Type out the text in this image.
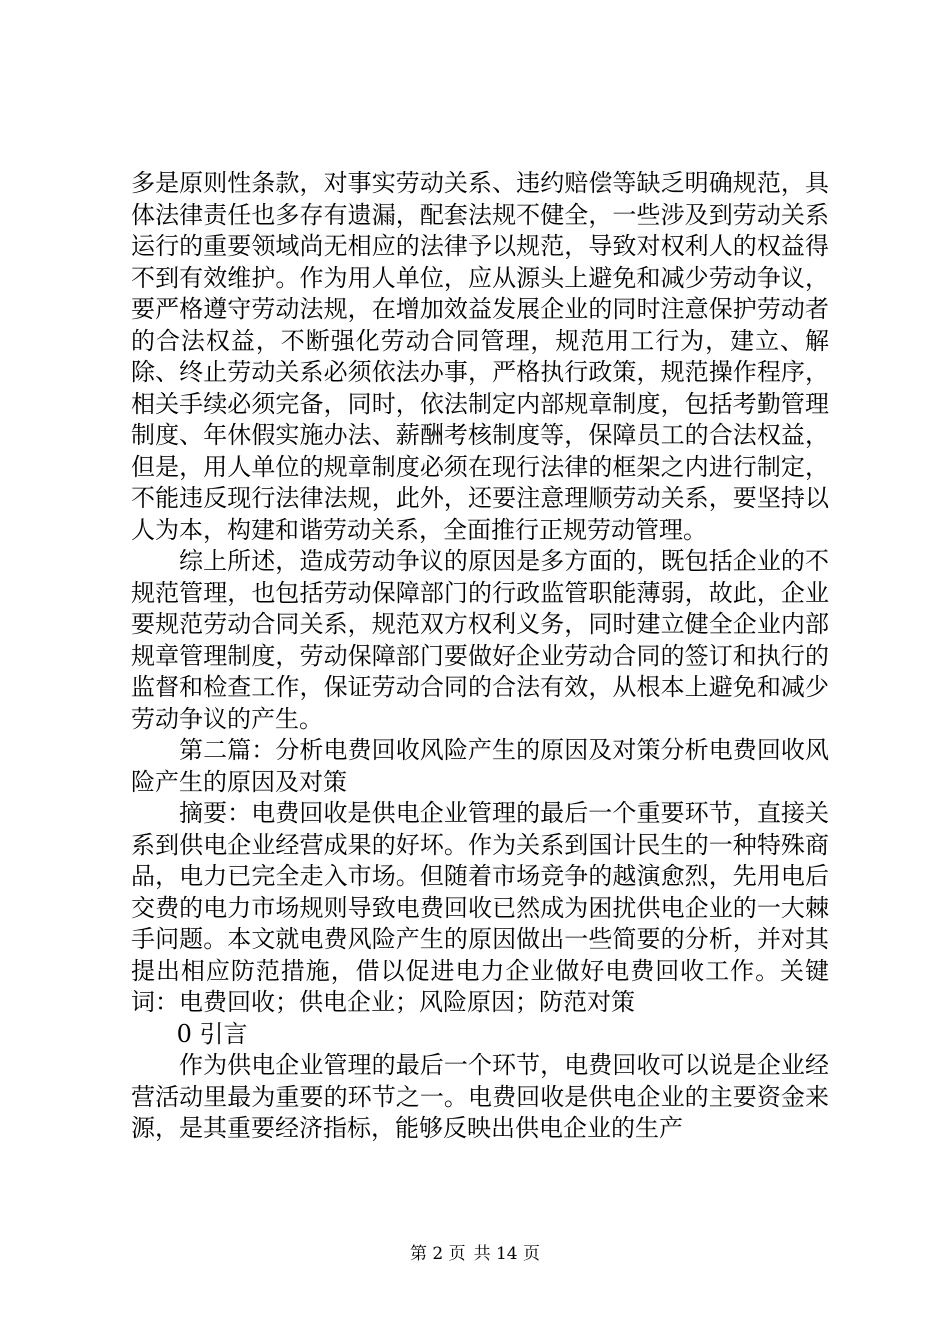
多是原则性条款，对事实劳动关系、违约赔偿等缺乏明确规范，具体法律责任也多存有遗漏，配套法规不健全，一些涉及到劳动关系运行的重要领域尚无相应的法律予以规范，导致对权利人的权益得不到有效维护。作为用人单位，应从源头上避免和减少劳动争议，要严格遵守劳动法规，在增加效益发展企业的同时注意保护劳动者的合法权益，不断强化劳动合同管理，规范用工行为，建立、解除、终止劳动关系必须依法办事，严格执行政策，规范操作程序，相关手续必须完备，同时，依法制定内部规章制度，包括考勤管理制度、年休假实施办法、薪酬考核制度等，保障员工的合法权益，但是，用人单位的规章制度必须在现行法律的框架之内进行制定，不能违反现行法律法规，此外，还要注意理顺劳动关系，要坚持以人为本，构建和谐劳动关系，全面推行正规劳动管理。

综上所述，造成劳动争议的原因是多方面的，既包括企业的不规范管理，也包括劳动保障部门的行政监管职能薄弱，故此，企业要规范劳动合同关系，规范双方权利义务，同时建立健全企业内部规章管理制度，劳动保障部门要做好企业劳动合同的签订和执行的监督和检查工作，保证劳动合同的合法有效，从根本上避免和减少劳动争议的产生。

第二篇：分析电费回收风险产生的原因及对策分析电费回收风险产生的原因及对策

摘要：电费回收是供电企业管理的最后一个重要环节，直接关系到供电企业经营成果的好坏。作为关系到国计民生的一种特殊商品，电力已完全走入市场。但随着市场竞争的越演愈烈，先用电后交费的电力市场规则导致电费回收已然成为困扰供电企业的一大棘手问题。本文就电费风险产生的原因做出一些简要的分析，并对其提出相应防范措施，借以促进电力企业做好电费回收工作。关键词：电费回收；供电企业；风险原因；防范对策

0 引言

作为供电企业管理的最后一个环节，电费回收可以说是企业经营活动里最为重要的环节之一。电费回收是供电企业的主要资金来源，是其重要经济指标，能够反映出供电企业的生产

第 2 页 共 14 页
